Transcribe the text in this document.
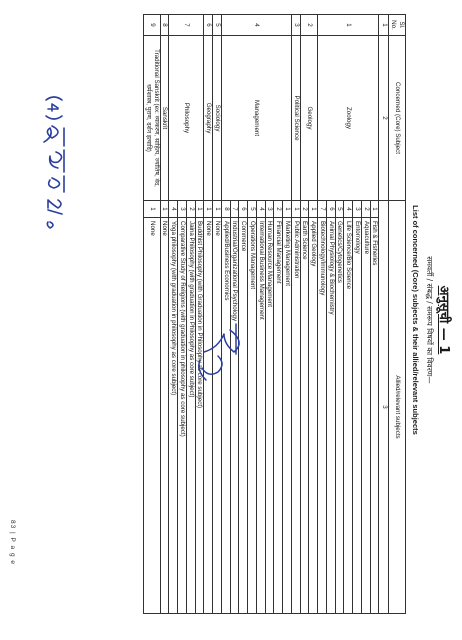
अनुसूची — 1
समवर्ती / संबद्ध / समरूप विषयों का विवरण—
List of concerned (Core) subjects & their allied/relevant subjects
Sl. No.	Concerned (Core) Subject	Allied/relevant subjects	
1	2	3	
1	Zoology	1	Fish & Fisheries
		2	Aquaculture
		3	Entomology
		4	Life Science/Bio Science
		5	Genetics/Cytogenetics
		6	Animal Physiology & Biochemistry
		7	Biotechnology/Immunology
2	Geology	1	Applied Geology
		2	Earth Science
3	Political Science	1	Public Administration
4	Management	1	Marketing Management
		2	Financial Management
		3	Human Resource Management
		4	International Business Management
		5	Operations Management
		6	Commerce
		7	Industrial/Organizational Psychology
		8	Applied/Business Economics
5	Sociology	1	None
6	Geography	1	None
7	Philosophy	1	Buddhist Philosophy (with Graduation in Philosophy as core subject)
		2	Jaina Philosophy (with graduation in Philosophy as core subject)
		3	Comparative Study of Religions (with graduation in philosophy as core subject)
		4	Yoga philosophy (with graduation in philosophy as core subject)
8	Sanskrit	1	None
9	Traditional Sanskrit (ex: व्याकरण, साहित्य, ज्योतिष, वेद, धर्मशास्त्र, पुराण, दर्शन इत्यादि)	1	None
83 | P a g e
